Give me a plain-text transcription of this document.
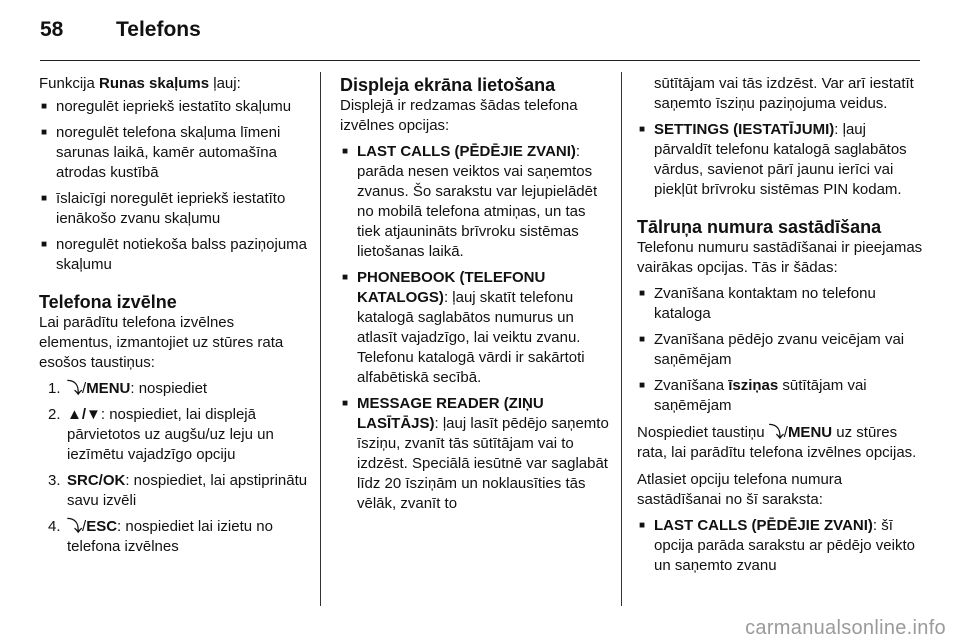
58	Telefons

Funkcija Runas skaļums ļauj:

■ noregulēt iepriekš iestatīto skaļumu
■ noregulēt telefona skaļuma līmeni sarunas laikā, kamēr automašīna atrodas kustībā
■ īslaicīgi noregulēt iepriekš iestatīto ienākošo zvanu skaļumu
■ noregulēt notiekoša balss paziņojuma skaļumu
Telefona izvēlne

Lai parādītu telefona izvēlnes elementus, izmantojiet uz stūres rata esošos taustiņus:

1. ⤵/MENU: nospiediet
2. ▲/▼: nospiediet, lai displejā pārvietotos uz augšu/uz leju un iezīmētu vajadzīgo opciju
3. SRC/OK: nospiediet, lai apstiprinātu savu izvēli
4. ⤵/ESC: nospiediet lai izietu no telefona izvēlnes
Displeja ekrāna lietošana

Displejā ir redzamas šādas telefona izvēlnes opcijas:

■ LAST CALLS (PĒDĒJIE ZVANI): parāda nesen veiktos vai saņemtos zvanus. Šo sarakstu var lejupielādēt no mobilā telefona atmiņas, un tas tiek atjaunināts brīvroku sistēmas lietošanas laikā.
■ PHONEBOOK (TELEFONU KATALOGS): ļauj skatīt telefonu katalogā saglabātos numurus un atlasīt vajadzīgo, lai veiktu zvanu. Telefonu katalogā vārdi ir sakārtoti alfabētiskā secībā.
■ MESSAGE READER (ZIŅU LASĪTĀJS): ļauj lasīt pēdējo saņemto īsziņu, zvanīt tās sūtītājam vai to izdzēst. Speciālā iesūtnē var saglabāt līdz 20 īsziņām un noklausīties tās vēlāk, zvanīt to

sūtītājam vai tās izdzēst. Var arī iestatīt saņemto īsziņu paziņojuma veidus.

■ SETTINGS (IESTATĪJUMI): ļauj pārvaldīt telefonu katalogā saglabātos vārdus, savienot pārī jaunu ierīci vai piekļūt brīvroku sistēmas PIN kodam.
Tālruņa numura sastādīšana

Telefonu numuru sastādīšanai ir pieejamas vairākas opcijas. Tās ir šādas:

■ Zvanīšana kontaktam no telefonu kataloga
■ Zvanīšana pēdējo zvanu veicējam vai saņēmējam
■ Zvanīšana īsziņas sūtītājam vai saņēmējam

Nospiediet taustiņu ⤵/MENU uz stūres rata, lai parādītu telefona izvēlnes opcijas.

Atlasiet opciju telefona numura sastādīšanai no šī saraksta:

■ LAST CALLS (PĒDĒJIE ZVANI): šī opcija parāda sarakstu ar pēdējo veikto un saņemto zvanu
carmanualsonline.info
